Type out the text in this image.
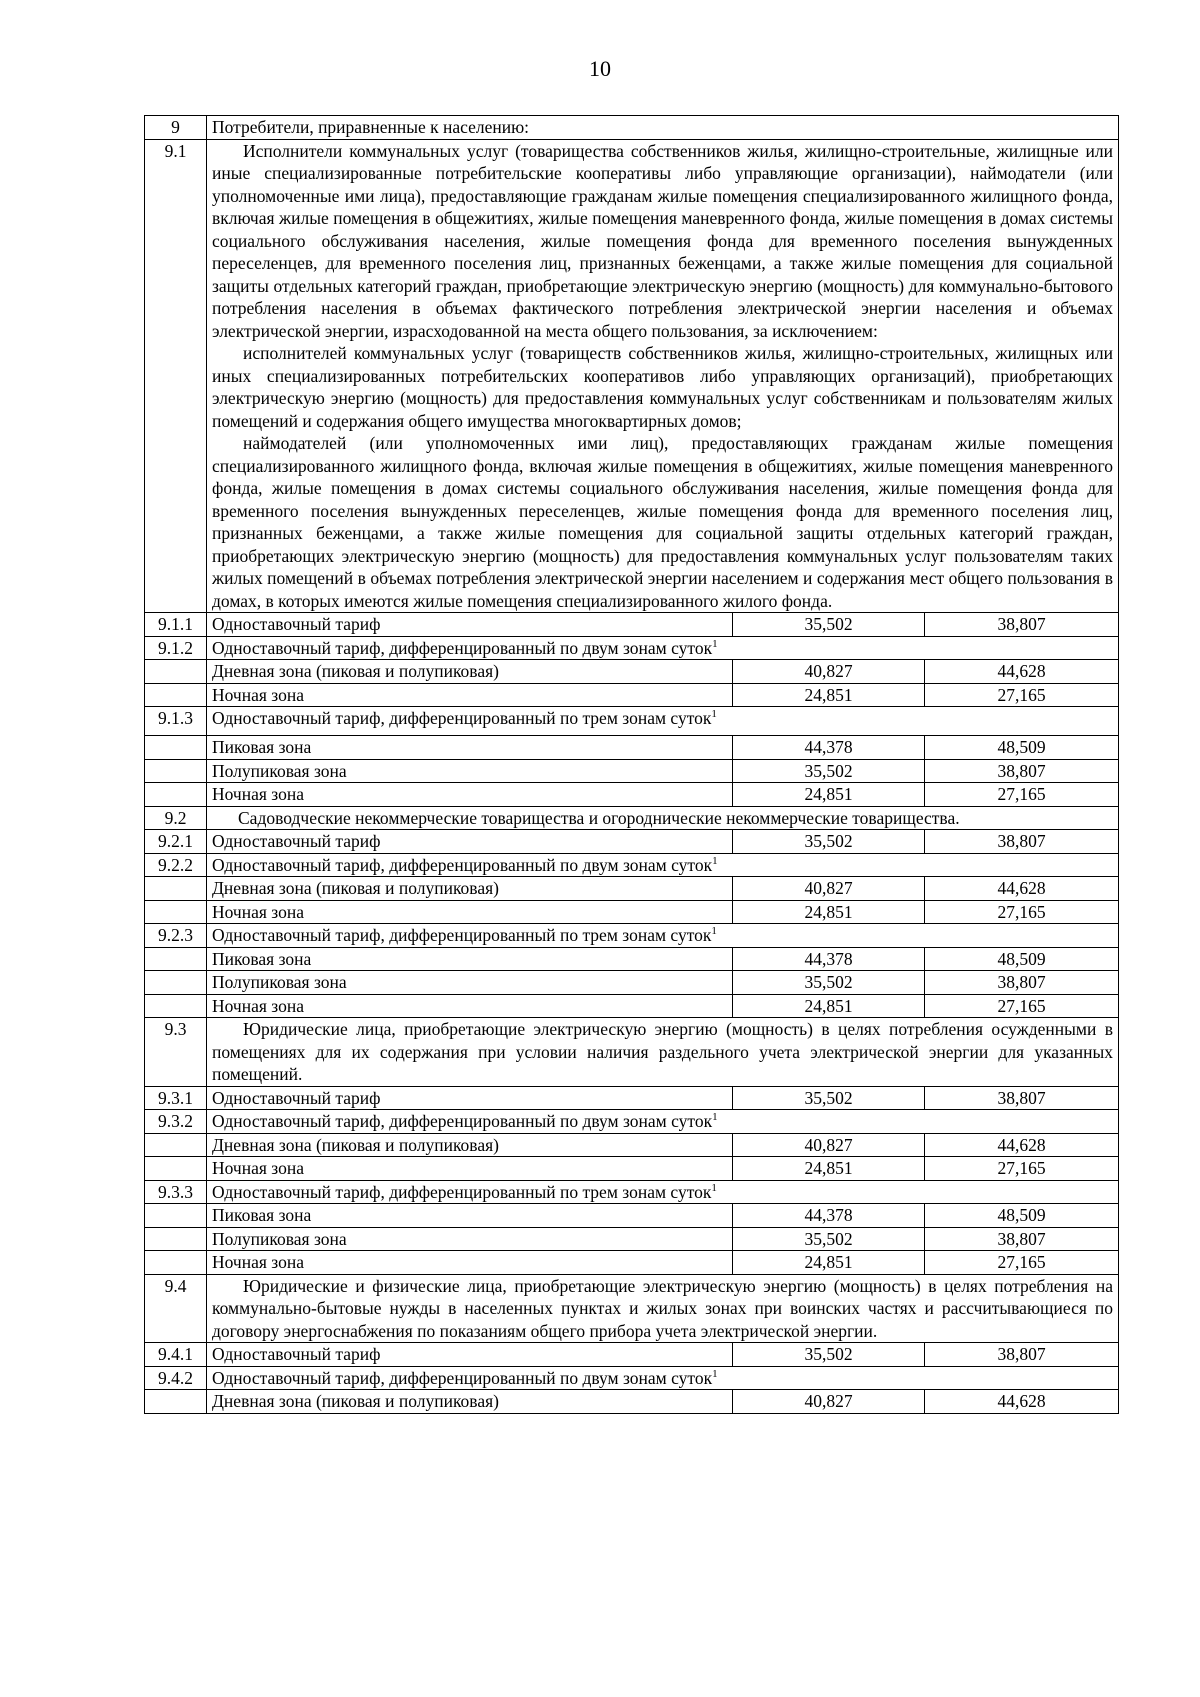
10
9	Потребители, приравненные к населению:		
9.1	Исполнители коммунальных услуг (товарищества собственников жилья, жилищно-строительные, жилищные или иные специализированные потребительские кооперативы либо управляющие организации), наймодатели (или уполномоченные ими лица), предоставляющие гражданам жилые помещения специализированного жилищного фонда, включая жилые помещения в общежитиях, жилые помещения маневренного фонда, жилые помещения в домах системы социального обслуживания населения, жилые помещения фонда для временного поселения вынужденных переселенцев, для временного поселения лиц, признанных беженцами, а также жилые помещения для социальной защиты отдельных категорий граждан, приобретающие электрическую энергию (мощность) для коммунально-бытового потребления населения в объемах фактического потребления электрической энергии населения и объемах электрической энергии, израсходованной на места общего пользования, за исключением:

исполнителей коммунальных услуг (товариществ собственников жилья, жилищно-строительных, жилищных или иных специализированных потребительских кооперативов либо управляющих организаций), приобретающих электрическую энергию (мощность) для предоставления коммунальных услуг собственникам и пользователям жилых помещений и содержания общего имущества многоквартирных домов;

наймодателей (или уполномоченных ими лиц), предоставляющих гражданам жилые помещения специализированного жилищного фонда, включая жилые помещения в общежитиях, жилые помещения маневренного фонда, жилые помещения в домах системы социального обслуживания населения, жилые помещения фонда для временного поселения вынужденных переселенцев, жилые помещения фонда для временного поселения лиц, признанных беженцами, а также жилые помещения для социальной защиты отдельных категорий граждан, приобретающих электрическую энергию (мощность) для предоставления коммунальных услуг пользователям таких жилых помещений в объемах потребления электрической энергии населением и содержания мест общего пользования в домах, в которых имеются жилые помещения специализированного жилого фонда.		

9.1.1	Одноставочный тариф	35,502	38,807
9.1.2	Одноставочный тариф, дифференцированный по двум зонам суток$^1$
	Дневная зона (пиковая и полупиковая)	40,827	44,628
	Ночная зона	24,851	27,165
9.1.3	Одноставочный тариф, дифференцированный по трем зонам суток$^1$
	Пиковая зона	44,378	48,509
	Полупиковая зона	35,502	38,807
	Ночная зона	24,851	27,165
9.2	Садоводческие некоммерческие товарищества и огороднические некоммерческие товарищества.		
9.2.1	Одноставочный тариф	35,502	38,807
9.2.2	Одноставочный тариф, дифференцированный по двум зонам суток$^1$
	Дневная зона (пиковая и полупиковая)	40,827	44,628
	Ночная зона	24,851	27,165
9.2.3	Одноставочный тариф, дифференцированный по трем зонам суток$^1$
	Пиковая зона	44,378	48,509
	Полупиковая зона	35,502	38,807
	Ночная зона	24,851	27,165
9.3	Юридические лица, приобретающие электрическую энергию (мощность) в целях потребления осужденными в помещениях для их содержания при условии наличия раздельного учета электрической энергии для указанных помещений.		

9.3.1	Одноставочный тариф	35,502	38,807
9.3.2	Одноставочный тариф, дифференцированный по двум зонам суток$^1$
	Дневная зона (пиковая и полупиковая)	40,827	44,628
	Ночная зона	24,851	27,165
9.3.3	Одноставочный тариф, дифференцированный по трем зонам суток$^1$
	Пиковая зона	44,378	48,509
	Полупиковая зона	35,502	38,807
	Ночная зона	24,851	27,165
9.4	Юридические и физические лица, приобретающие электрическую энергию (мощность) в целях потребления на коммунально-бытовые нужды в населенных пунктах и жилых зонах при воинских частях и рассчитывающиеся по договору энергоснабжения по показаниям общего прибора учета электрической энергии.		

9.4.1	Одноставочный тариф	35,502	38,807
9.4.2	Одноставочный тариф, дифференцированный по двум зонам суток$^1$
	Дневная зона (пиковая и полупиковая)	40,827	44,628
